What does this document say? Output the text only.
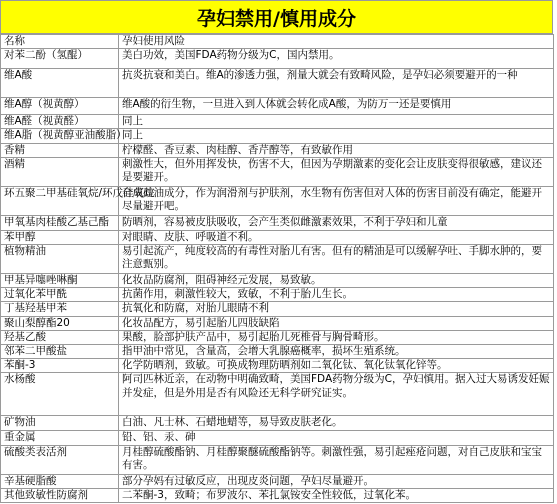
孕妇禁用/慎用成分
名称	孕妇使用风险
对苯二酚（氢醌）	美白功效，美国FDA药物分级为C，国内禁用。
维A酸	抗炎抗衰和美白。维A的渗透力强，剂量大就会有致畸风险，是孕妇必须要避开的一种
维A醇（视黄醇）	维A酸的衍生物，一旦进入到人体就会转化成A酸，为防万一还是要慎用
维A醛（视黄醛）	同上
维A脂（视黄醇亚油酸脂）	同上
香精	柠檬醛、香豆素、肉桂醇、香芹醇等，有致敏作用
酒精	刺激性大，但外用挥发快，伤害不大，但因为孕期激素的变化会让皮肤变得很敏感，建议还是要避开。
环五聚二甲基硅氧烷/环戊硅氧烷	合成硅油成分，作为润滑剂与护肤剂，水生物有伤害但对人体的伤害目前没有确定，能避开尽量避开吧。
甲氧基肉桂酸乙基己酯	防晒剂，容易被皮肤吸收，会产生类似雌激素效果，不利于孕妇和儿童
苯甲醇	对眼睛、皮肤、呼吸道不利。
植物精油	易引起流产，纯度较高的有毒性对胎儿有害。但有的精油是可以缓解孕吐、手脚水肿的，要注意甄别。
甲基异噻唑啉酮	化妆品防腐剂，阻碍神经元发展，易致敏。
过氧化苯甲酰	抗菌作用，刺激性较大，致敏，不利于胎儿生长。
丁基羟基甲苯	抗氧化和防腐，对胎儿眼睛不利
聚山梨醇酯20	化妆品配方，易引起胎儿四肢缺陷
羟基乙酸	果酸，脸部护肤产品中，易引起胎儿死椎骨与胸骨畸形。
邻苯二甲酸盐	指甲油中常见，含量高，会增大乳腺癌概率，损坏生殖系统。
苯酮-3	化学防晒剂，致敏。可换成物理防晒剂如二氧化钛、氧化钛氧化锌等。
水杨酸	阿司匹林近亲，在动物中明确致畸，美国FDA药物分级为C，孕妇慎用。据入过大易诱发妊娠并发症，但是外用是否有风险还无科学研究证实。
矿物油	白油、凡士林、石蜡地蜡等，易导致皮肤老化。
重金属	铅、铝、汞、砷
硫酸类表活剂	月桂醇硫酸酯钠、月桂醇聚醚硫酸酯钠等。刺激性强，易引起痤疮问题，对自己皮肤和宝宝有害。
辛基硬脂酸	部分孕妈有过敏反应，出现皮炎问题，孕妇尽量避开。
其他致敏性防腐剂	二苯酮-3，致畸；布罗波尔、苯扎氯铵安全性较低，过氧化苯。
